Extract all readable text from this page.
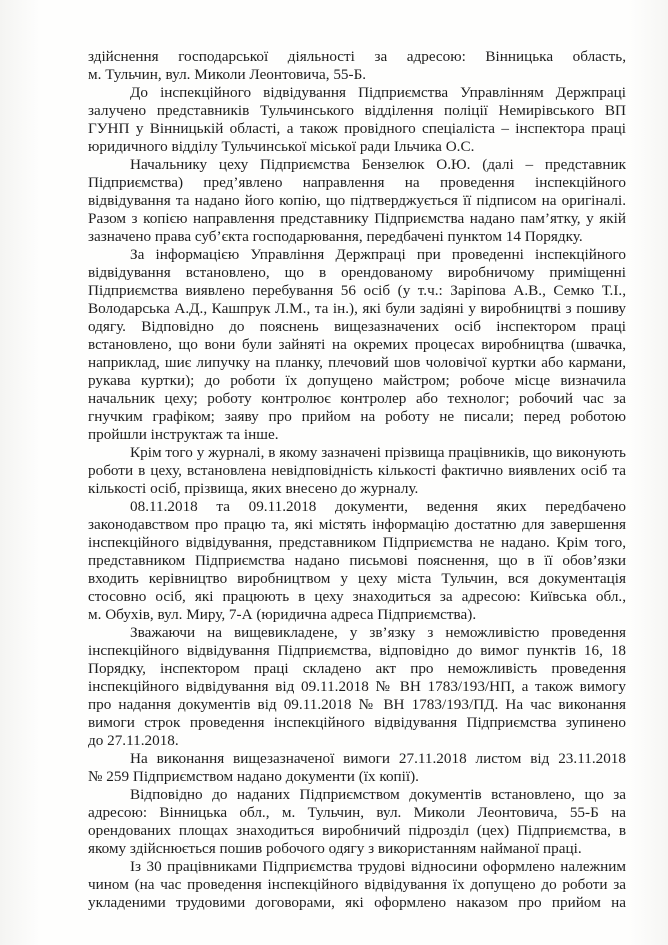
здійснення господарської діяльності за адресою: Вінницька область,
м. Тульчин, вул. Миколи Леонтовича, 55-Б.
До інспекційного відвідування Підприємства Управлінням Держпраці
залучено представників Тульчинського відділення поліції Немирівського ВП
ГУНП у Вінницькій області, а також провідного спеціаліста – інспектора праці
юридичного відділу Тульчинської міської ради Ільчика О.С.
Начальнику цеху Підприємства Бензелюк О.Ю. (далі – представник
Підприємства) пред’явлено направлення на проведення інспекційного
відвідування та надано його копію, що підтверджується її підписом на оригіналі.
Разом з копією направлення представнику Підприємства надано пам’ятку, у якій
зазначено права суб’єкта господарювання, передбачені пунктом 14 Порядку.
За інформацією Управління Держпраці при проведенні інспекційного
відвідування встановлено, що в орендованому виробничому приміщенні
Підприємства виявлено перебування 56 осіб (у т.ч.: Заріпова А.В., Семко Т.І.,
Володарська А.Д., Кашпрук Л.М., та ін.), які були задіяні у виробництві з пошиву
одягу. Відповідно до пояснень вищезазначених осіб інспектором праці
встановлено, що вони були зайняті на окремих процесах виробництва (швачка,
наприклад, шиє липучку на планку, плечовий шов чоловічої куртки або кармани,
рукава куртки); до роботи їх допущено майстром; робоче місце визначила
начальник цеху; роботу контролює контролер або технолог; робочий час за
гнучким графіком; заяву про прийом на роботу не писали; перед роботою
пройшли інструктаж та інше.
Крім того у журналі, в якому зазначені прізвища працівників, що виконують
роботи в цеху, встановлена невідповідність кількості фактично виявлених осіб та
кількості осіб, прізвища, яких внесено до журналу.
08.11.2018 та 09.11.2018 документи, ведення яких передбачено
законодавством про працю та, які містять інформацію достатню для завершення
інспекційного відвідування, представником Підприємства не надано. Крім того,
представником Підприємства надано письмові пояснення, що в її обов’язки
входить керівництво виробництвом у цеху міста Тульчин, вся документація
стосовно осіб, які працюють в цеху знаходиться за адресою: Київська обл.,
м. Обухів, вул. Миру, 7-А (юридична адреса Підприємства).
Зважаючи на вищевикладене, у зв’язку з неможливістю проведення
інспекційного відвідування Підприємства, відповідно до вимог пунктів 16, 18
Порядку, інспектором праці складено акт про неможливість проведення
інспекційного відвідування від 09.11.2018 № ВН 1783/193/НП, а також вимогу
про надання документів від 09.11.2018 № ВН 1783/193/ПД. На час виконання
вимоги строк проведення інспекційного відвідування Підприємства зупинено
до 27.11.2018.
На виконання вищезазначеної вимоги 27.11.2018 листом від 23.11.2018
№ 259 Підприємством надано документи (їх копії).
Відповідно до наданих Підприємством документів встановлено, що за
адресою: Вінницька обл., м. Тульчин, вул. Миколи Леонтовича, 55-Б на
орендованих площах знаходиться виробничий підрозділ (цех) Підприємства, в
якому здійснюється пошив робочого одягу з використанням найманої праці.
Із 30 працівниками Підприємства трудові відносини оформлено належним
чином (на час проведення інспекційного відвідування їх допущено до роботи за
укладеними трудовими договорами, які оформлено наказом про прийом на
